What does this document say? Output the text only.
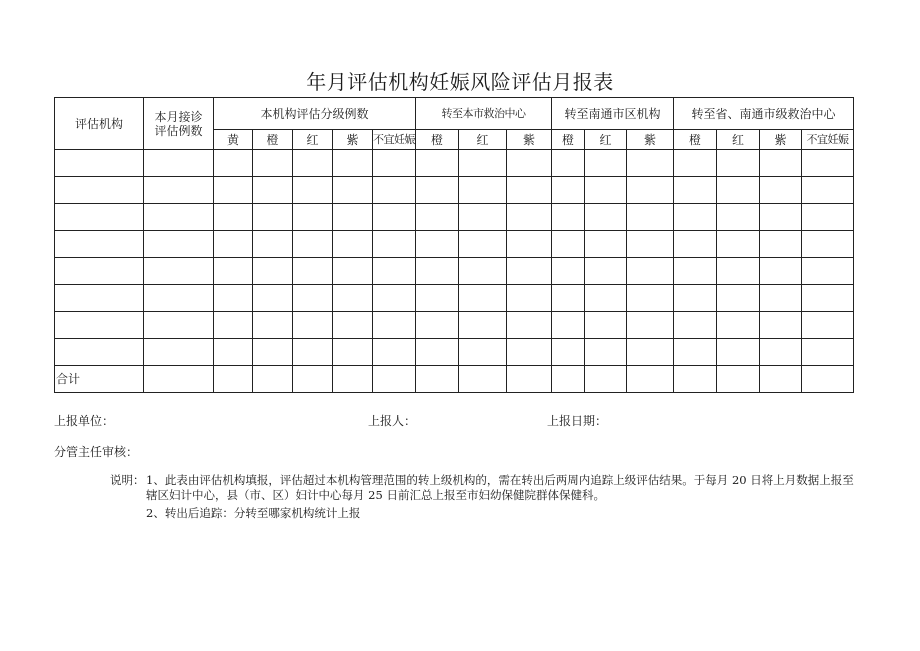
年月评估机构妊娠风险评估月报表
评估机构	本月接诊评估例数	本机构评估分级例数					转至本市救治中心			转至南通市区机构			转至省、南通市级救治中心			
		黄	橙	红	紫	不宜妊娠	橙	红	紫	橙	红	紫	橙	红	紫	不宜妊娠

合计																
上报单位：	上报人：	上报日期：
分管主任审核：
说明： 1、此表由评估机构填报，评估超过本机构管理范围的转上级机构的，需在转出后两周内追踪上级评估结果。于每月 20 日将上月数据上报至辖区妇计中心，县（市、区）妇计中心每月 25 日前汇总上报至市妇幼保健院群体保健科。
2、转出后追踪：分转至哪家机构统计上报
